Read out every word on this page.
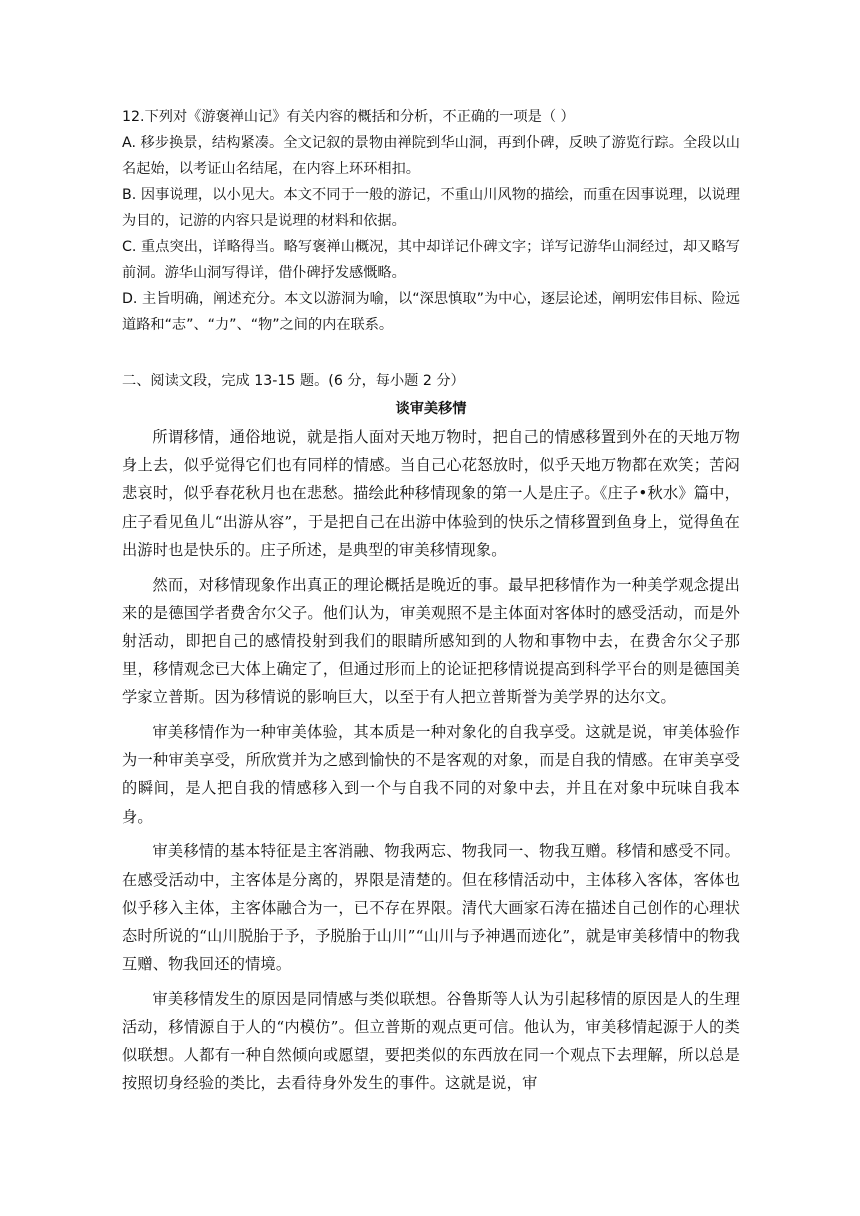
12.下列对《游褒禅山记》有关内容的概括和分析，不正确的一项是（ ）

A. 移步换景，结构紧凑。全文记叙的景物由禅院到华山洞，再到仆碑，反映了游览行踪。全段以山名起始，以考证山名结尾，在内容上环环相扣。

B. 因事说理，以小见大。本文不同于一般的游记，不重山川风物的描绘，而重在因事说理，以说理为目的，记游的内容只是说理的材料和依据。

C. 重点突出，详略得当。略写褒禅山概况，其中却详记仆碑文字；详写记游华山洞经过，却又略写前洞。游华山洞写得详，借仆碑抒发感慨略。

D. 主旨明确，阐述充分。本文以游洞为喻，以“深思慎取”为中心，逐层论述，阐明宏伟目标、险远道路和“志”、“力”、“物”之间的内在联系。

二、阅读文段，完成 13-15 题。(6 分，每小题 2 分）

谈审美移情

所谓移情，通俗地说，就是指人面对天地万物时，把自己的情感移置到外在的天地万物身上去，似乎觉得它们也有同样的情感。当自己心花怒放时，似乎天地万物都在欢笑；苦闷悲哀时，似乎春花秋月也在悲愁。描绘此种移情现象的第一人是庄子。《庄子•秋水》篇中，庄子看见鱼儿“出游从容”，于是把自己在出游中体验到的快乐之情移置到鱼身上，觉得鱼在出游时也是快乐的。庄子所述，是典型的审美移情现象。

然而，对移情现象作出真正的理论概括是晚近的事。最早把移情作为一种美学观念提出来的是德国学者费舍尔父子。他们认为，审美观照不是主体面对客体时的感受活动，而是外射活动，即把自己的感情投射到我们的眼睛所感知到的人物和事物中去，在费舍尔父子那里，移情观念已大体上确定了，但通过形而上的论证把移情说提高到科学平台的则是德国美学家立普斯。因为移情说的影响巨大，以至于有人把立普斯誉为美学界的达尔文。

审美移情作为一种审美体验，其本质是一种对象化的自我享受。这就是说，审美体验作为一种审美享受，所欣赏并为之感到愉快的不是客观的对象，而是自我的情感。在审美享受的瞬间，是人把自我的情感移入到一个与自我不同的对象中去，并且在对象中玩味自我本身。

审美移情的基本特征是主客消融、物我两忘、物我同一、物我互赠。移情和感受不同。在感受活动中，主客体是分离的，界限是清楚的。但在移情活动中，主体移入客体，客体也似乎移入主体，主客体融合为一，已不存在界限。清代大画家石涛在描述自己创作的心理状态时所说的“山川脱胎于予，予脱胎于山川”“山川与予神遇而迹化”，就是审美移情中的物我互赠、物我回还的情境。

审美移情发生的原因是同情感与类似联想。谷鲁斯等人认为引起移情的原因是人的生理活动，移情源自于人的“内模仿”。但立普斯的观点更可信。他认为，审美移情起源于人的类似联想。人都有一种自然倾向或愿望，要把类似的东西放在同一个观点下去理解，所以总是按照切身经验的类比，去看待身外发生的事件。这就是说，审
